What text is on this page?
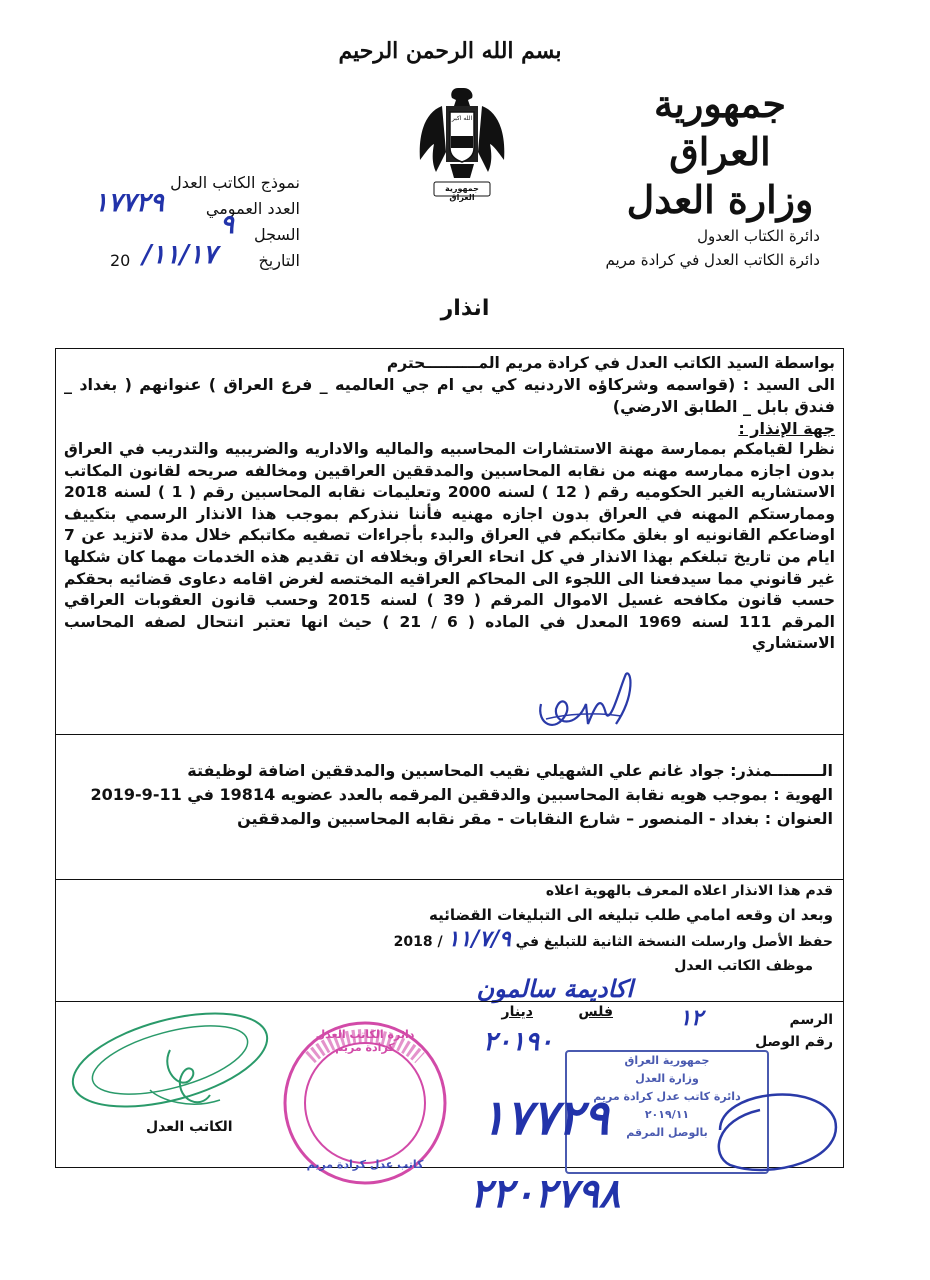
بسم الله الرحمن الرحيم
جمهورية العراق
وزارة العدل
الله اكبر
جمهورية العراق
نموذج الكاتب العدل
العدد العمومي
١٧٧٢٩
السجل
٩
التاريخ
١١/١٧/
20
دائرة الكتاب العدول
دائرة الكاتب العدل في كرادة مريم
انذار

بواسطة السيد الكاتب العدل في كرادة مريم المــــــــــحترم

الى السيد : (قواسمه وشركاؤه الاردنيه كي بي ام جي العالميه _ فرع العراق ) عنوانهم ( بغداد _ فندق بابل _ الطابق الارضي)

جهة الإنذار :

نظرا لقيامكم بممارسة مهنة الاستشارات المحاسبيه والماليه والاداريه والضريبيه والتدريب في العراق بدون اجازه ممارسه مهنه من نقابه المحاسبين والمدققين العراقيين ومخالفه صريحه لقانون المكاتب الاستشاريه الغير الحكوميه رقم ( 12 ) لسنه 2000 وتعليمات نقابه المحاسبين رقم ( 1 ) لسنه 2018 وممارستكم المهنه في العراق بدون اجازه مهنيه فأننا ننذركم بموجب هذا الانذار الرسمي بتكييف اوضاعكم القانونيه او بغلق مكاتبكم في العراق والبدء بأجراءات تصفيه مكاتبكم خلال مدة لاتزيد عن 7 ايام من تاريخ تبلغكم بهذا الانذار في كل انحاء العراق وبخلافه ان تقديم هذه الخدمات مهما كان شكلها غير قانوني مما سيدفعنا الى اللجوء الى المحاكم العراقيه المختصه لغرض اقامه دعاوى قضائيه بحقكم حسب قانون مكافحه غسيل الاموال المرقم ( 39 ) لسنه 2015 وحسب قانون العقوبات العراقي المرقم 111 لسنه 1969 المعدل في الماده ( 6 / 21 ) حيث انها تعتبر انتحال لصفه المحاسب الاستشاري

الـــــــــمنذر: جواد غانم علي الشهيلي نقيب المحاسبين والمدققين اضافة لوظيفتة
الهوية : بموجب هويه نقابة المحاسبين والدققين المرقمه بالعدد عضويه 19814 في 11-9-2019
العنوان : بغداد - المنصور – شارع النقابات - مقر نقابه المحاسبين والمدققين
قدم هذا الانذار اعلاه المعرف بالهوية اعلاه
وبعد ان وقعه امامي طلب تبليغه الى التبليغات القضائيه
حفظ الأصل وارسلت النسخة الثانية للتبليغ في ١١/٧/٩ / 2018
موظف الكاتب العدل
اكاديمة سالمون
الرسم
فلس
دينار	١٢
رقم الوصل
٢٠١٩٠
الكاتب العدل
دائرة الكاتب العدل كرادة مريم
كاتب عدل كرادة مريم
جمهورية العراق
وزارة العدل
دائرة كاتب عدل كرادة مريم
٢٠١٩/١١
بالوصل المرقم
١٧٧٢٩
٢٢٠٢٧٩٨
